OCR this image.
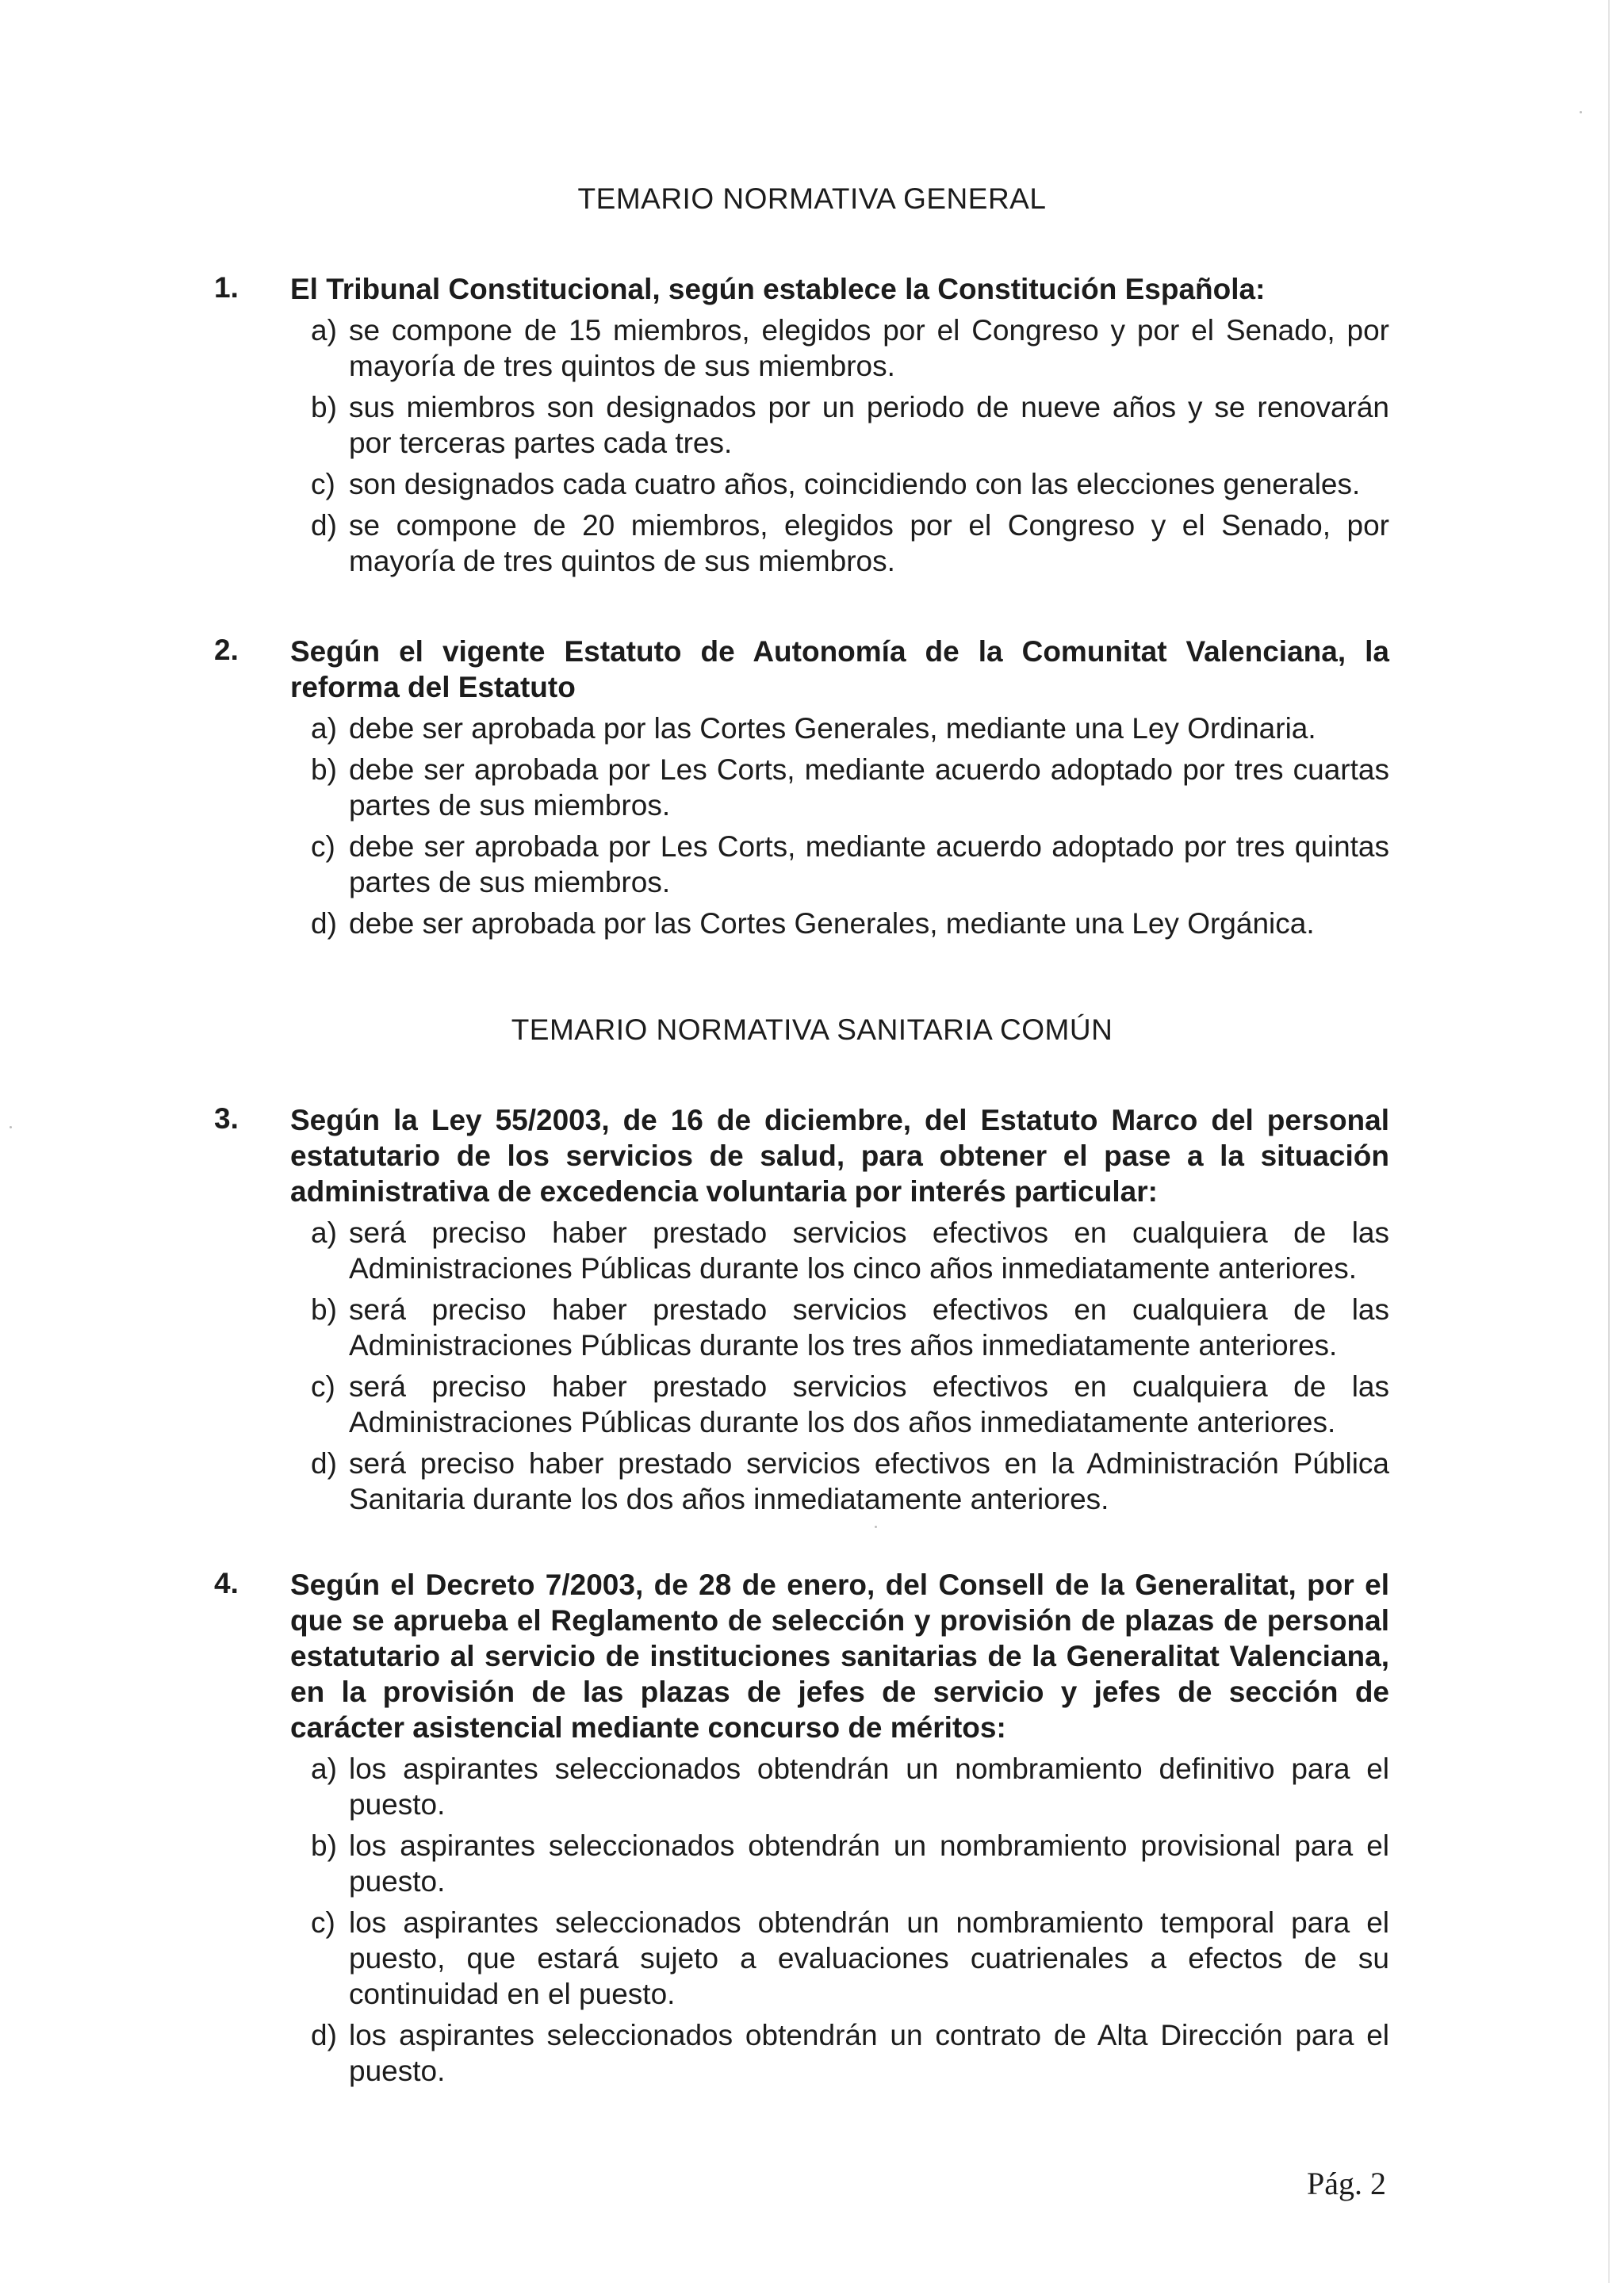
TEMARIO NORMATIVA GENERAL
1. El Tribunal Constitucional, según establece la Constitución Española:

a) se compone de 15 miembros, elegidos por el Congreso y por el Senado, por mayoría de tres quintos de sus miembros.

b) sus miembros son designados por un periodo de nueve años y se renovarán por terceras partes cada tres.

c) son designados cada cuatro años, coincidiendo con las elecciones generales.

d) se compone de 20 miembros, elegidos por el Congreso y el Senado, por mayoría de tres quintos de sus miembros.

2. Según el vigente Estatuto de Autonomía de la Comunitat Valenciana, la reforma del Estatuto

a) debe ser aprobada por las Cortes Generales, mediante una Ley Ordinaria.

b) debe ser aprobada por Les Corts, mediante acuerdo adoptado por tres cuartas partes de sus miembros.

c) debe ser aprobada por Les Corts, mediante acuerdo adoptado por tres quintas partes de sus miembros.

d) debe ser aprobada por las Cortes Generales, mediante una Ley Orgánica.

TEMARIO NORMATIVA SANITARIA COMÚN
3. Según la Ley 55/2003, de 16 de diciembre, del Estatuto Marco del personal estatutario de los servicios de salud, para obtener el pase a la situación administrativa de excedencia voluntaria por interés particular:

a) será preciso haber prestado servicios efectivos en cualquiera de las Administraciones Públicas durante los cinco años inmediatamente anteriores.

b) será preciso haber prestado servicios efectivos en cualquiera de las Administraciones Públicas durante los tres años inmediatamente anteriores.

c) será preciso haber prestado servicios efectivos en cualquiera de las Administraciones Públicas durante los dos años inmediatamente anteriores.

d) será preciso haber prestado servicios efectivos en la Administración Pública Sanitaria durante los dos años inmediatamente anteriores.

4. Según el Decreto 7/2003, de 28 de enero, del Consell de la Generalitat, por el que se aprueba el Reglamento de selección y provisión de plazas de personal estatutario al servicio de instituciones sanitarias de la Generalitat Valenciana, en la provisión de las plazas de jefes de servicio y jefes de sección de carácter asistencial mediante concurso de méritos:

a) los aspirantes seleccionados obtendrán un nombramiento definitivo para el puesto.

b) los aspirantes seleccionados obtendrán un nombramiento provisional para el puesto.

c) los aspirantes seleccionados obtendrán un nombramiento temporal para el puesto, que estará sujeto a evaluaciones cuatrienales a efectos de su continuidad en el puesto.

d) los aspirantes seleccionados obtendrán un contrato de Alta Dirección para el puesto.

Pág. 2
